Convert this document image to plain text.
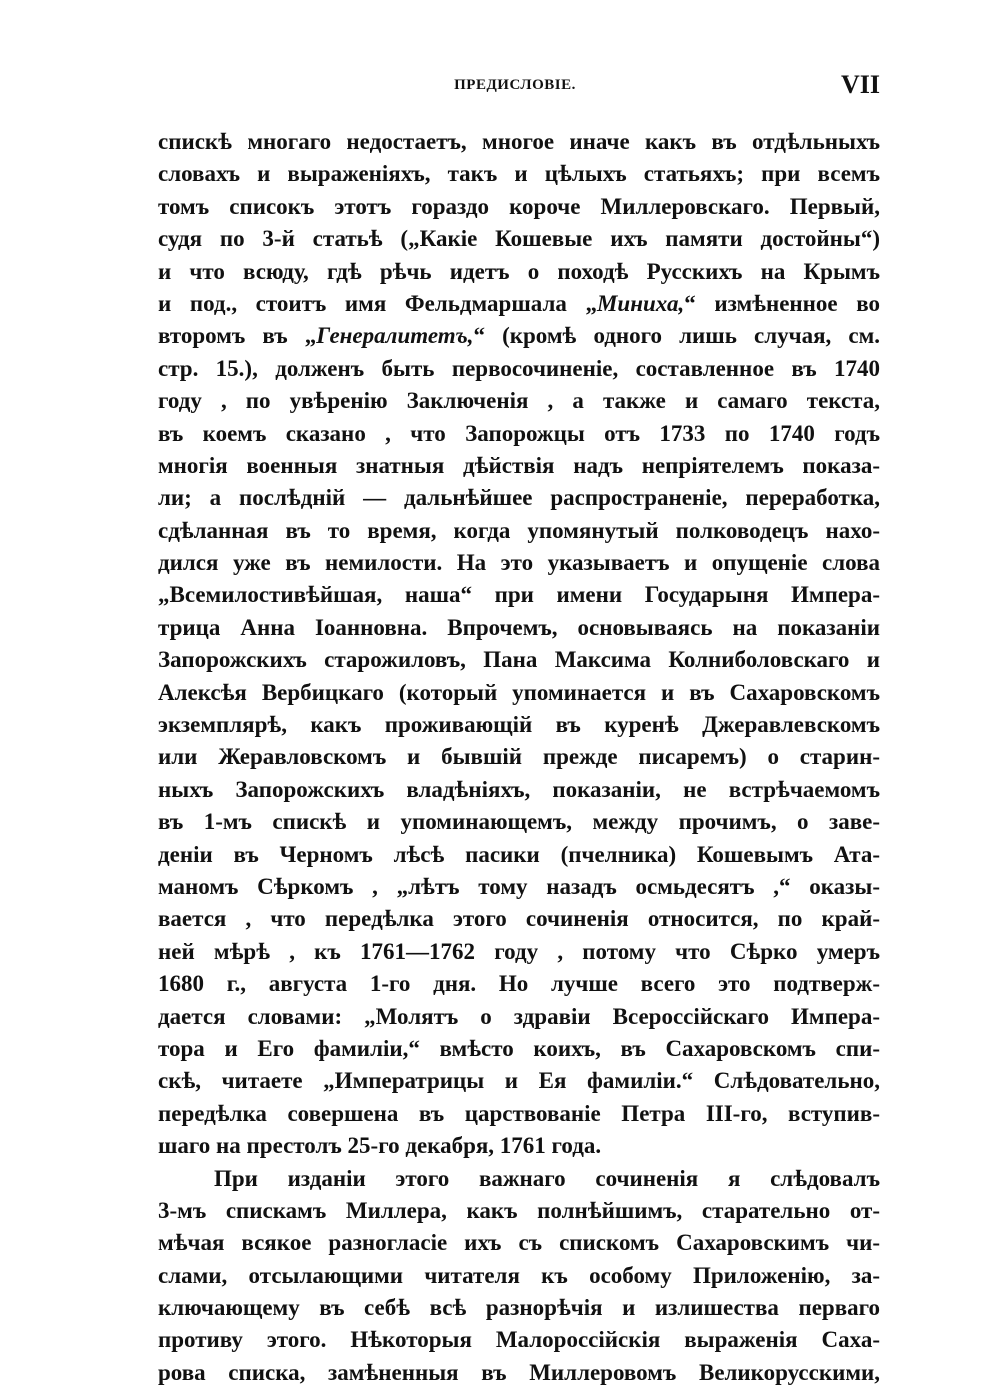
ПРЕДИСЛОВІЕ.	VII
спискѣ многаго недостаетъ, многое иначе какъ въ отдѣльныхъ
словахъ и выраженіяхъ, такъ и цѣлыхъ статьяхъ; при всемъ
томъ списокъ этотъ гораздо короче Миллеровскаго. Первый,
судя по 3-й статьѣ („Какіе Кошевые ихъ памяти достойны“)
и что всюду, гдѣ рѣчь идетъ о походѣ Русскихъ на Крымъ
и под., стоитъ имя Фельдмаршала „Миниха,“ измѣненное во
второмъ въ „Генералитетъ,“ (кромѣ одного лишь случая, см.
стр. 15.), долженъ быть первосочиненіе, составленное въ 1740
году , по увѣренію Заключенія , а также и самаго текста,
въ коемъ сказано , что Запорожцы отъ 1733 по 1740 годъ
многія военныя знатныя дѣйствія надъ непріятелемъ показа-
ли; а послѣдній — дальнѣйшее распространеніе, переработка,
сдѣланная въ то время, когда упомянутый полководецъ нахо-
дился уже въ немилости. На это указываетъ и опущеніе слова
„Всемилостивѣйшая, наша“ при имени Государыня Импера-
трица Анна Іоанновна. Впрочемъ, основываясь на показаніи
Запорожскихъ старожиловъ, Пана Максима Колниболовскаго и
Алексѣя Вербицкаго (который упоминается и въ Сахаровскомъ
экземплярѣ, какъ проживающій въ куренѣ Джеравлевскомъ
или Жеравловскомъ и бывшій прежде писаремъ) о старин-
ныхъ Запорожскихъ владѣніяхъ, показаніи, не встрѣчаемомъ
въ 1-мъ спискѣ и упоминающемъ, между прочимъ, о заве-
деніи въ Черномъ лѣсѣ пасики (пчелника) Кошевымъ Ата-
маномъ Сѣркомъ , „лѣтъ тому назадъ осмьдесятъ ,“ оказы-
вается , что передѣлка этого сочиненія относится, по край-
ней мѣрѣ , къ 1761—1762 году , потому что Сѣрко умеръ
1680 г., августа 1-го дня. Но лучше всего это подтверж-
дается словами: „Молятъ о здравіи Всероссійскаго Импера-
тора и Его фамиліи,“ вмѣсто коихъ, въ Сахаровскомъ спи-
скѣ, читаете „Императрицы и Ея фамиліи.“ Слѣдовательно,
передѣлка совершена въ царствованіе Петра III-го, вступив-
шаго на престолъ 25-го декабря, 1761 года.
При изданіи этого важнаго сочиненія я слѣдовалъ
3-мъ спискамъ Миллера, какъ полнѣйшимъ, старательно от-
мѣчая всякое разногласіе ихъ съ спискомъ Сахаровскимъ чи-
слами, отсылающими читателя къ особому Приложенію, за-
ключающему въ себѣ всѣ разнорѣчія и излишества перваго
противу этого. Нѣкоторыя Малороссійскія выраженія Саха-
рова списка, замѣненныя въ Миллеровомъ Великорусскими,
